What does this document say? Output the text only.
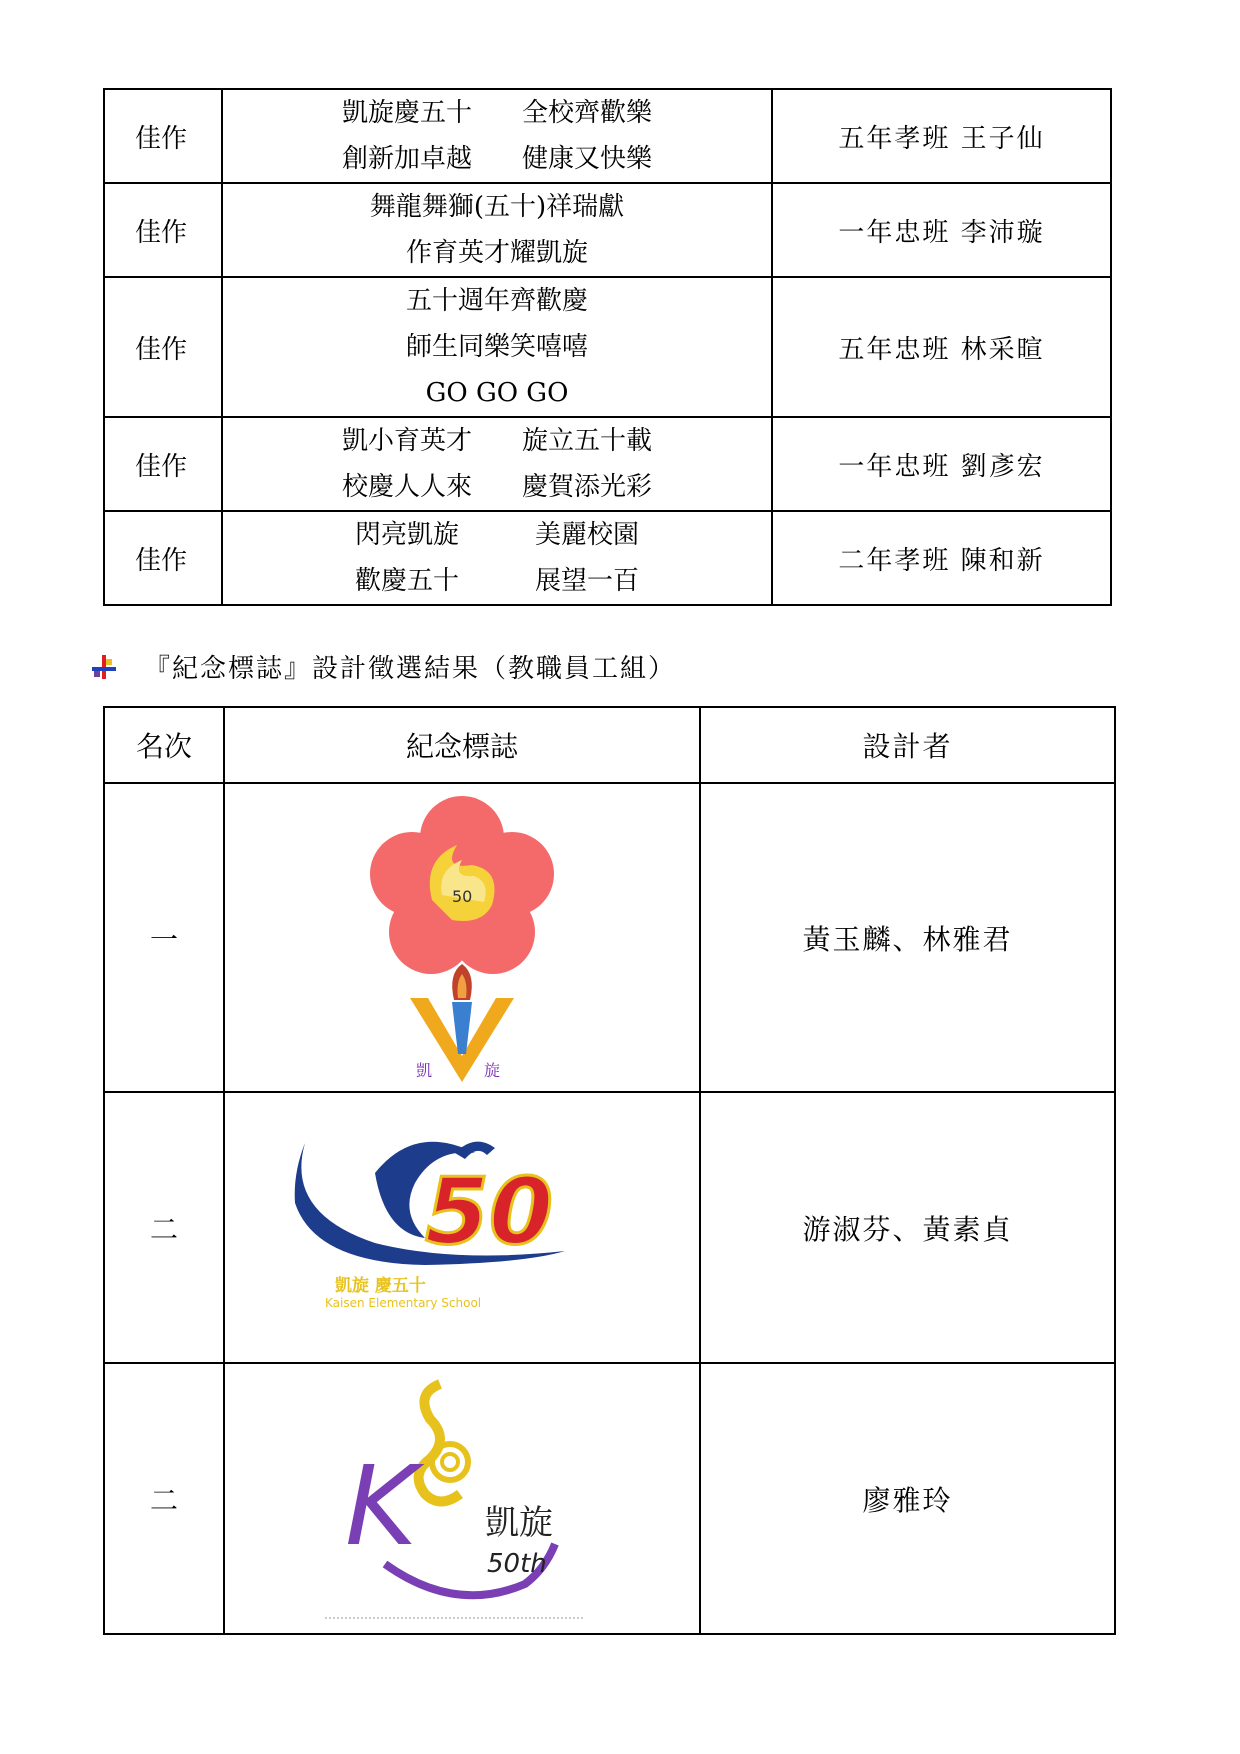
佳作	凱旋慶五十 全校齊歡樂
創新加卓越 健康又快樂	五年孝班 王子仙
佳作	舞龍舞獅(五十)祥瑞獻
作育英才耀凱旋	一年忠班 李沛璇
佳作	五十週年齊歡慶
師生同樂笑嘻嘻
GO GO GO	五年忠班 林采暄
佳作	凱小育英才 旋立五十載
校慶人人來 慶賀添光彩	一年忠班 劉彥宏
佳作	閃亮凱旋 美麗校園
歡慶五十 展望一百	二年孝班 陳和新
『紀念標誌』設計徵選結果（教職員工組）
名次	紀念標誌	設計者
一	50
凱 旋	黃玉麟、林雅君
二	50
凱旋 慶五十
Kaisen Elementary School	游淑芬、黃素貞
二	K 凱旋
50th	廖雅玲
